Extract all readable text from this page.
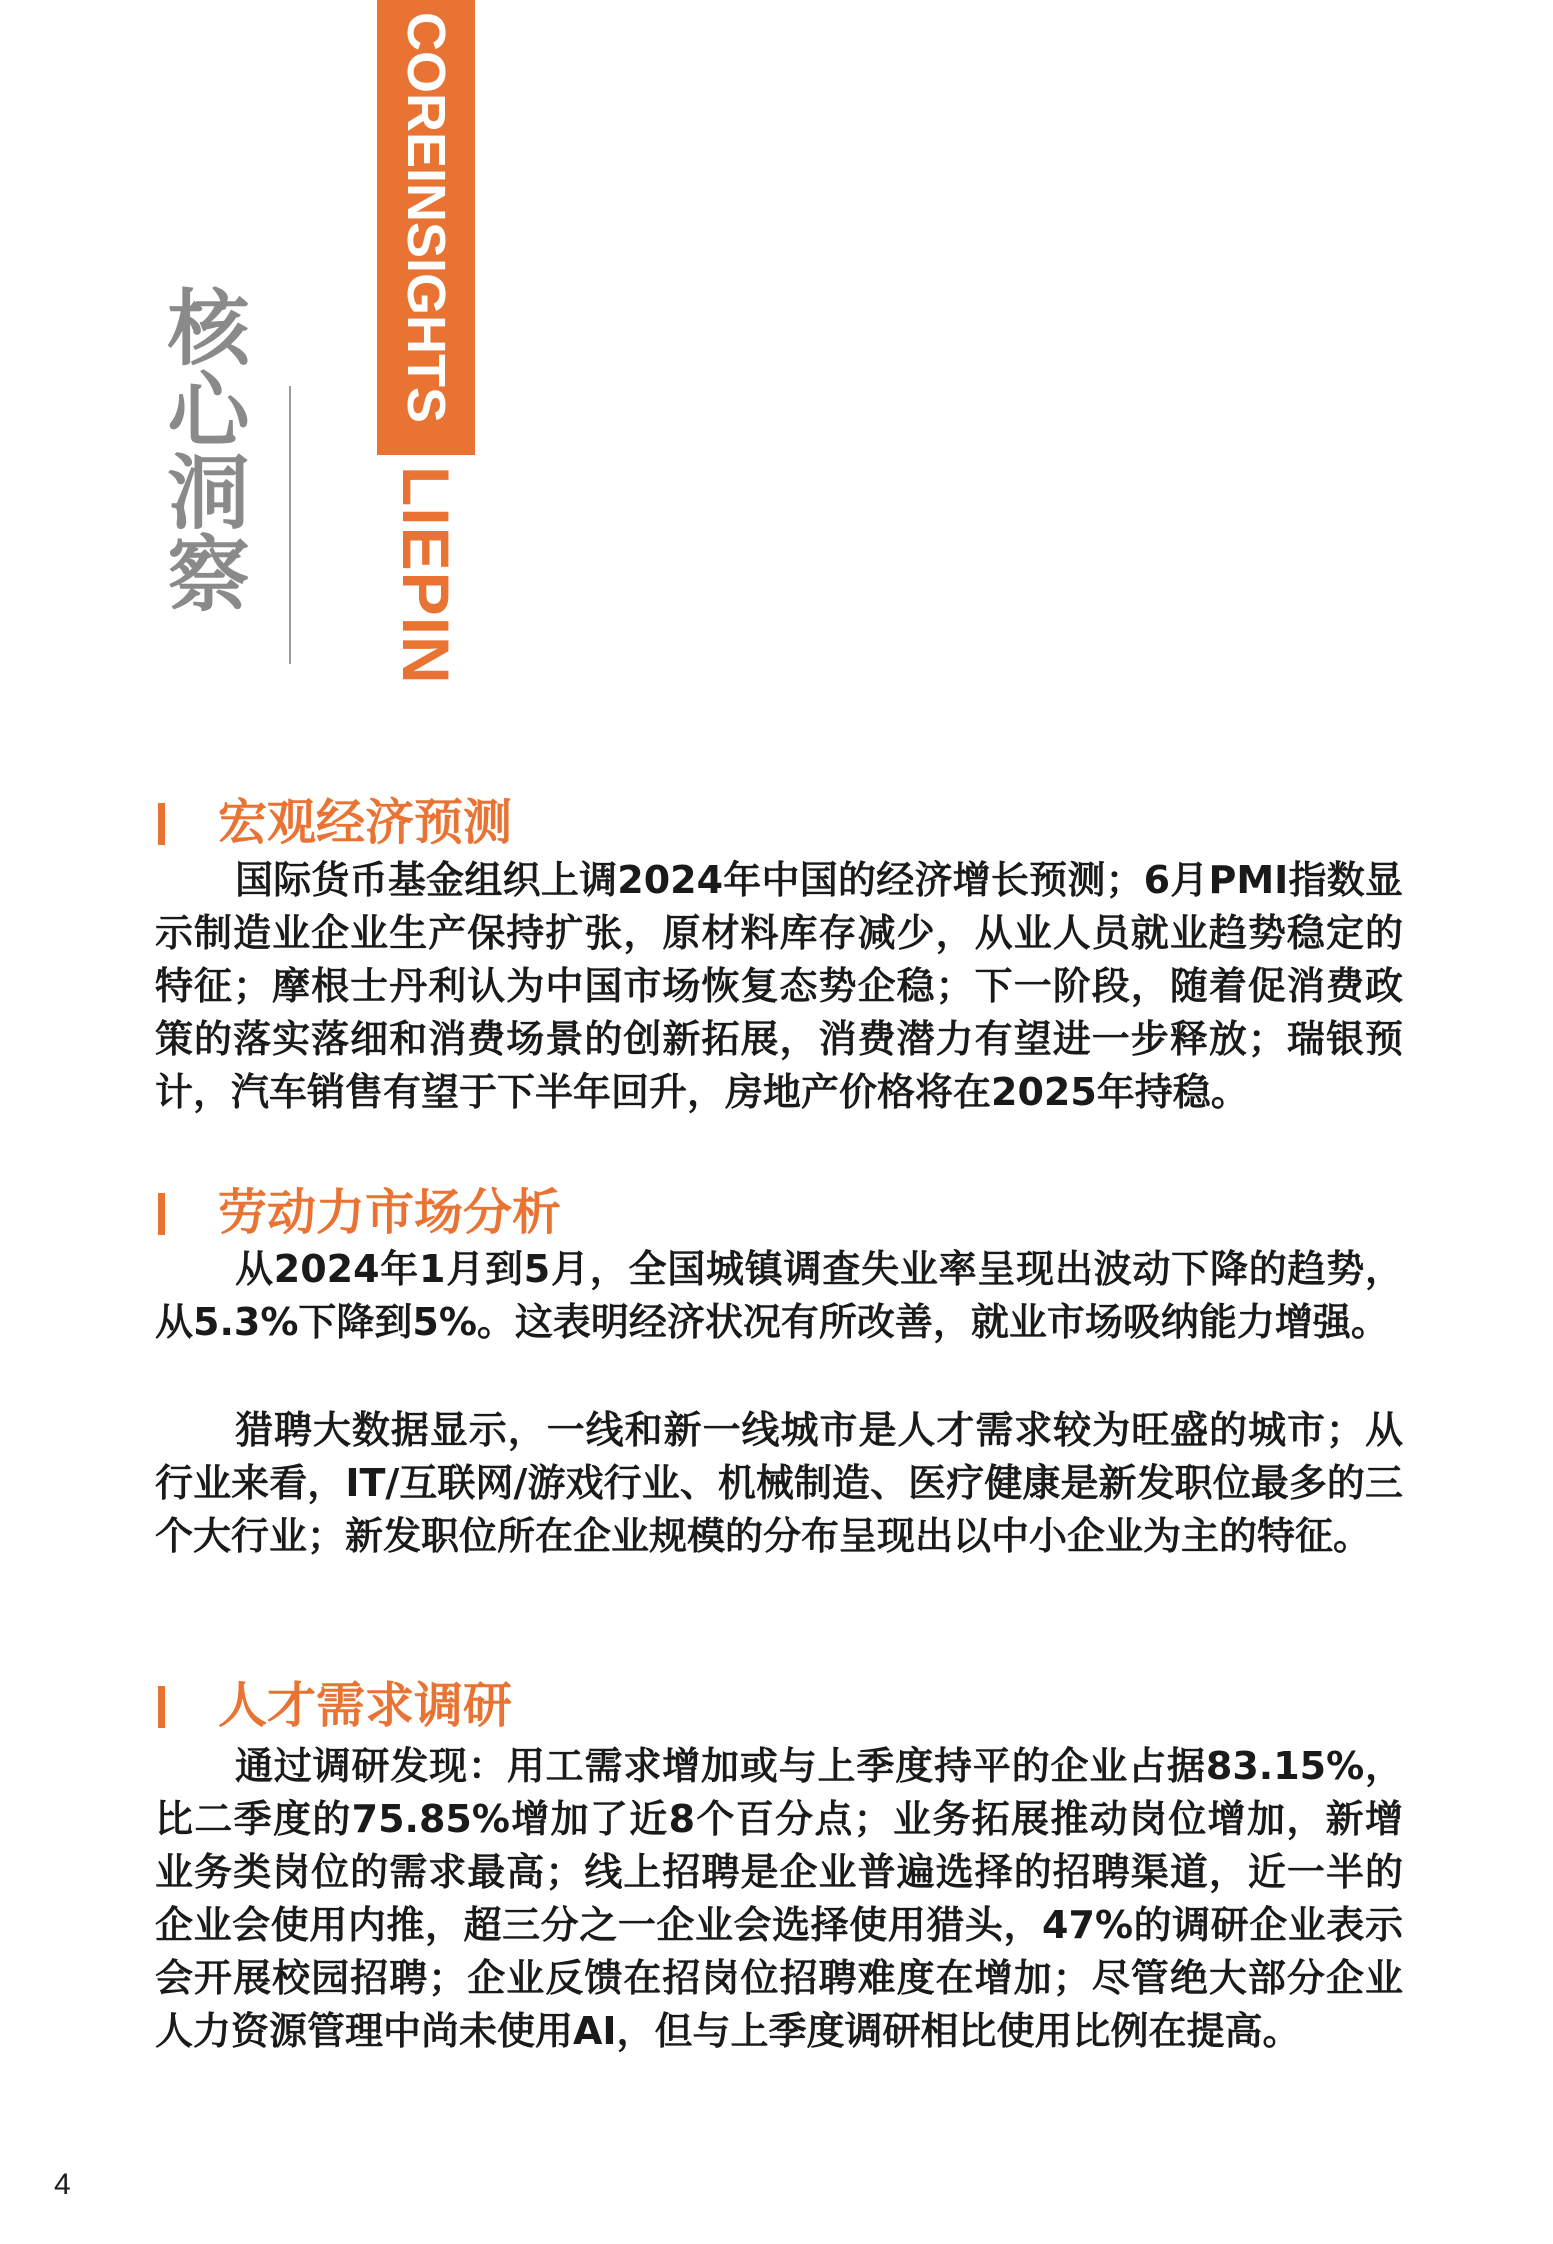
核心洞察
COREINSIGHTS
LIEPIN
宏观经济预测

国际货币基金组织上调2024年中国的经济增长预测；6月PMI指数显示制造业企业生产保持扩张，原材料库存减少，从业人员就业趋势稳定的特征；摩根士丹利认为中国市场恢复态势企稳；下一阶段，随着促消费政策的落实落细和消费场景的创新拓展，消费潜力有望进一步释放；瑞银预计，汽车销售有望于下半年回升，房地产价格将在2025年持稳。

劳动力市场分析

从2024年1月到5月，全国城镇调查失业率呈现出波动下降的趋势，从5.3%下降到5%。这表明经济状况有所改善，就业市场吸纳能力增强。

猎聘大数据显示，一线和新一线城市是人才需求较为旺盛的城市；从行业来看，IT/互联网/游戏行业、机械制造、医疗健康是新发职位最多的三个大行业；新发职位所在企业规模的分布呈现出以中小企业为主的特征。

人才需求调研

通过调研发现：用工需求增加或与上季度持平的企业占据83.15%，比二季度的75.85%增加了近8个百分点；业务拓展推动岗位增加，新增业务类岗位的需求最高；线上招聘是企业普遍选择的招聘渠道，近一半的企业会使用内推，超三分之一企业会选择使用猎头，47%的调研企业表示会开展校园招聘；企业反馈在招岗位招聘难度在增加；尽管绝大部分企业人力资源管理中尚未使用AI，但与上季度调研相比使用比例在提高。

4
